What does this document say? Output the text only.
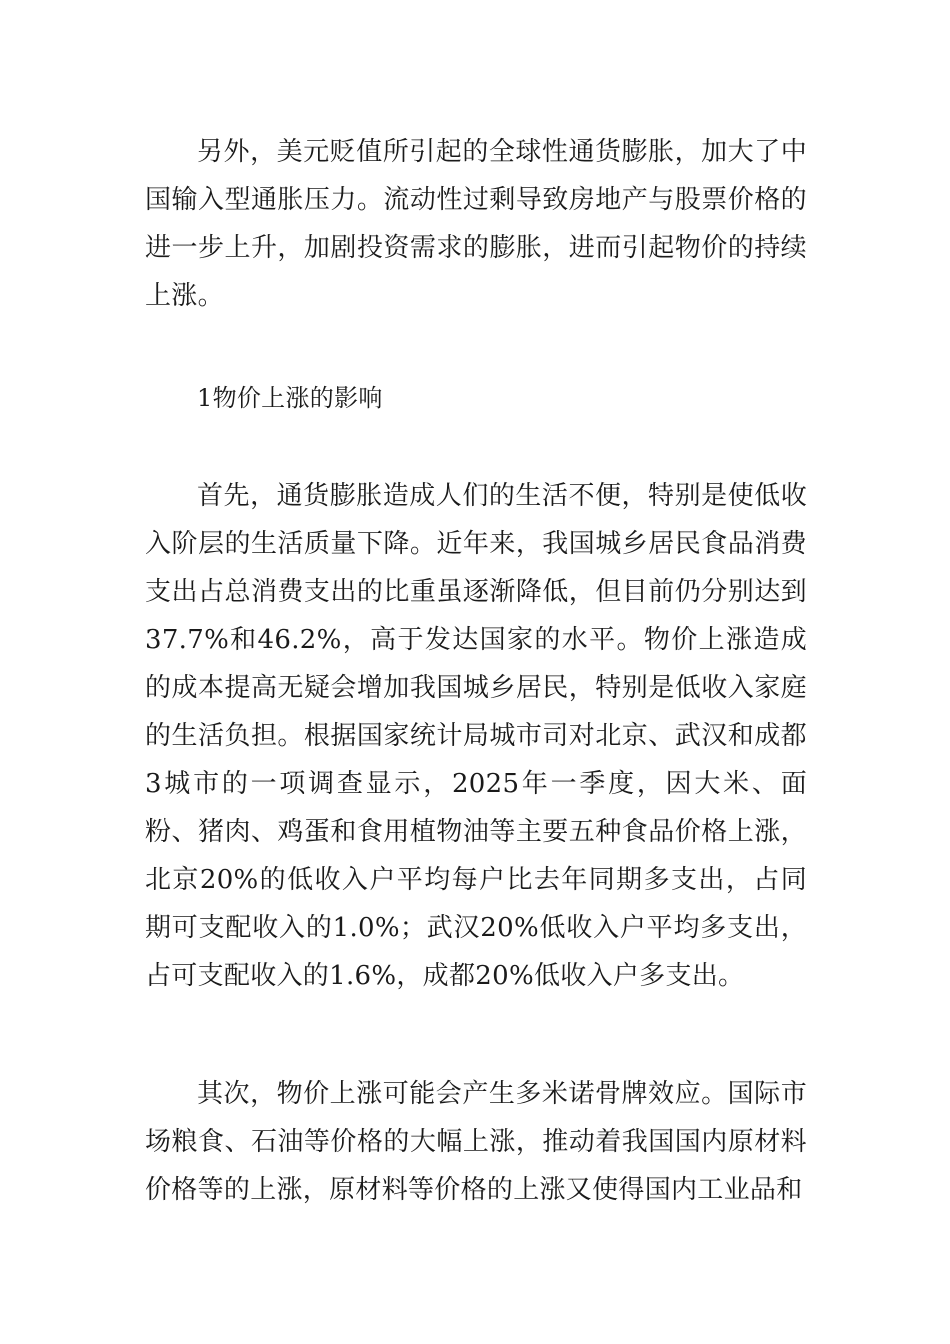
另外，美元贬值所引起的全球性通货膨胀，加大了中国输入型通胀压力。流动性过剩导致房地产与股票价格的进一步上升，加剧投资需求的膨胀，进而引起物价的持续上涨。

1物价上涨的影响

首先，通货膨胀造成人们的生活不便，特别是使低收入阶层的生活质量下降。近年来，我国城乡居民食品消费支出占总消费支出的比重虽逐渐降低，但目前仍分别达到37.7%和46.2%，高于发达国家的水平。物价上涨造成的成本提高无疑会增加我国城乡居民，特别是低收入家庭的生活负担。根据国家统计局城市司对北京、武汉和成都3城市的一项调查显示，2025年一季度，因大米、面粉、猪肉、鸡蛋和食用植物油等主要五种食品价格上涨，北京20%的低收入户平均每户比去年同期多支出，占同期可支配收入的1.0%；武汉20%低收入户平均多支出，占可支配收入的1.6%，成都20%低收入户多支出。

其次，物价上涨可能会产生多米诺骨牌效应。国际市场粮食、石油等价格的大幅上涨，推动着我国国内原材料价格等的上涨，原材料等价格的上涨又使得国内工业品和
